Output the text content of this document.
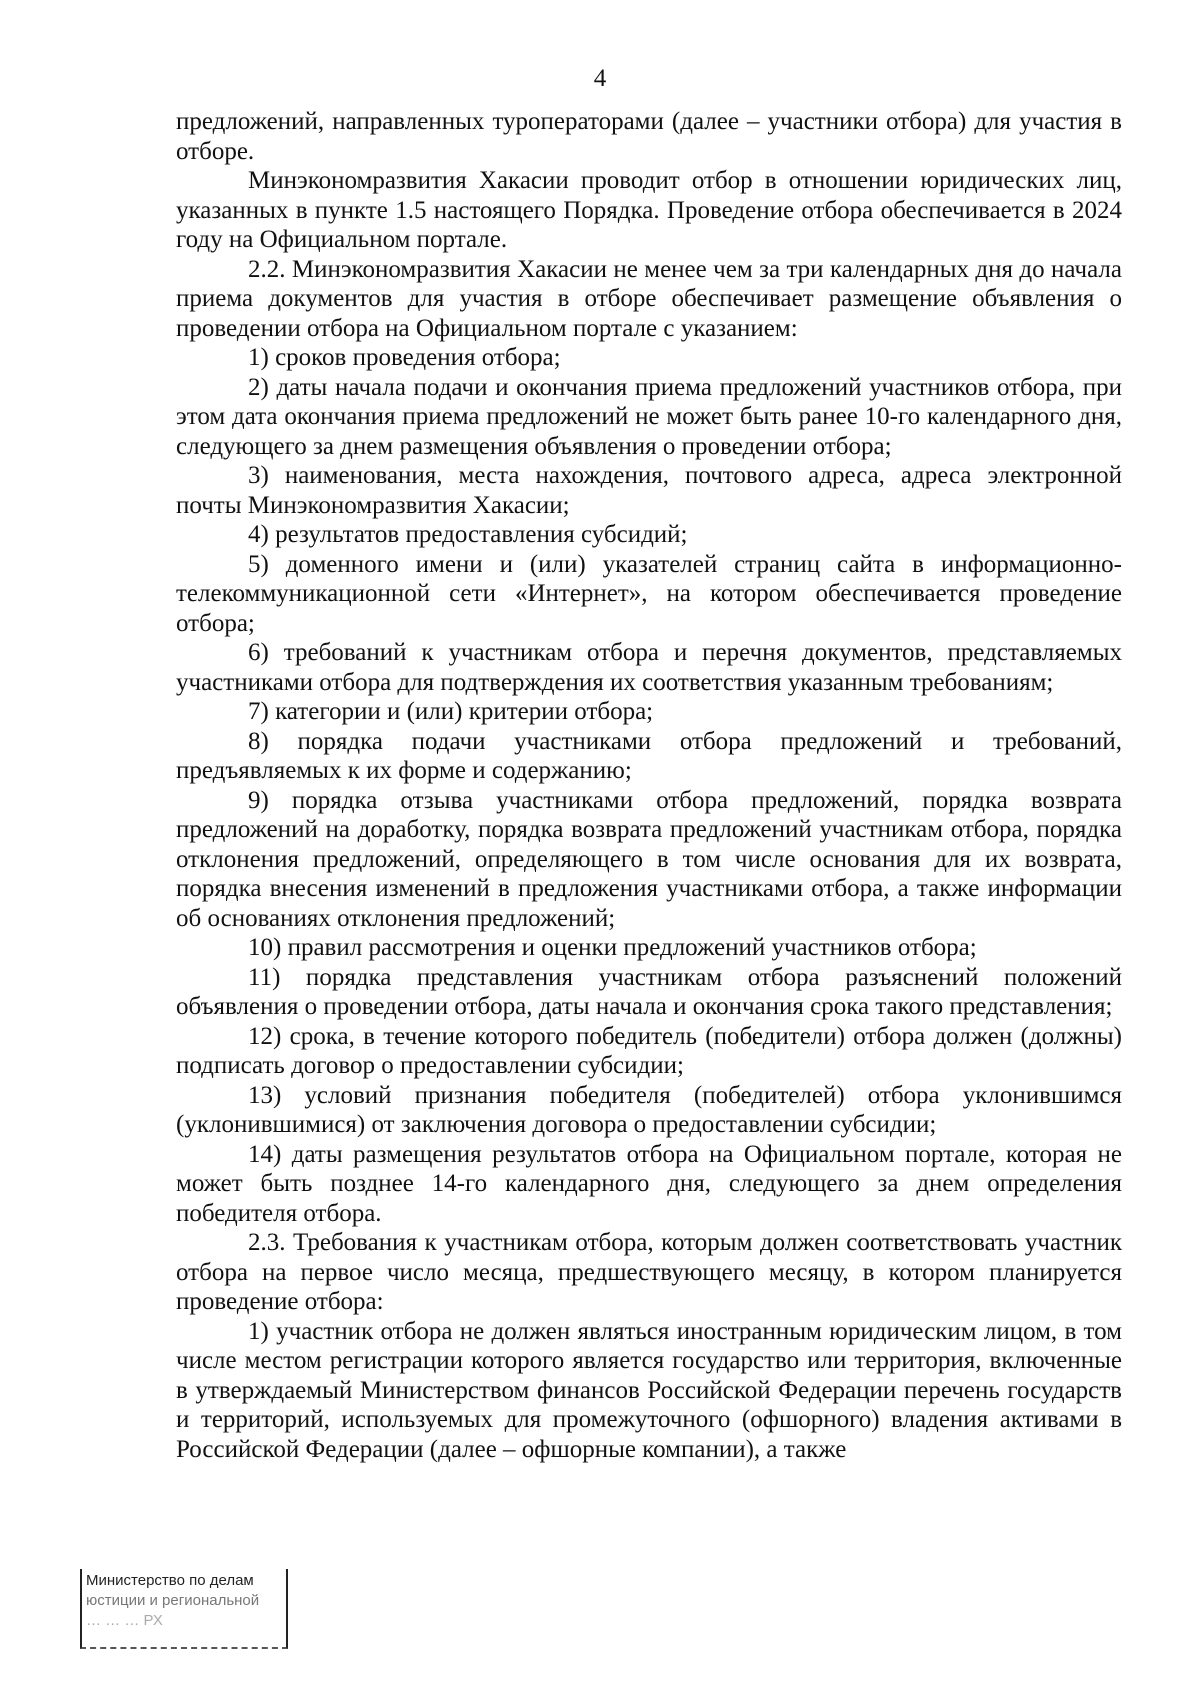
4

предложений, направленных туроператорами (далее – участники отбора) для участия в отборе.

Минэкономразвития Хакасии проводит отбор в отношении юридических лиц, указанных в пункте 1.5 настоящего Порядка. Проведение отбора обеспечивается в 2024 году на Официальном портале.

2.2. Минэкономразвития Хакасии не менее чем за три календарных дня до начала приема документов для участия в отборе обеспечивает размещение объявления о проведении отбора на Официальном портале с указанием:

1) сроков проведения отбора;

2) даты начала подачи и окончания приема предложений участников отбора, при этом дата окончания приема предложений не может быть ранее 10-го календарного дня, следующего за днем размещения объявления о проведении отбора;

3) наименования, места нахождения, почтового адреса, адреса электронной почты Минэкономразвития Хакасии;

4) результатов предоставления субсидий;

5) доменного имени и (или) указателей страниц сайта в информационно-телекоммуникационной сети «Интернет», на котором обеспечивается проведение отбора;

6) требований к участникам отбора и перечня документов, представляемых участниками отбора для подтверждения их соответствия указанным требованиям;

7) категории и (или) критерии отбора;

8) порядка подачи участниками отбора предложений и требований, предъявляемых к их форме и содержанию;

9) порядка отзыва участниками отбора предложений, порядка возврата предложений на доработку, порядка возврата предложений участникам отбора, порядка отклонения предложений, определяющего в том числе основания для их возврата, порядка внесения изменений в предложения участниками отбора, а также информации об основаниях отклонения предложений;

10) правил рассмотрения и оценки предложений участников отбора;

11) порядка представления участникам отбора разъяснений положений объявления о проведении отбора, даты начала и окончания срока такого представления;

12) срока, в течение которого победитель (победители) отбора должен (должны) подписать договор о предоставлении субсидии;

13) условий признания победителя (победителей) отбора уклонившимся (уклонившимися) от заключения договора о предоставлении субсидии;

14) даты размещения результатов отбора на Официальном портале, которая не может быть позднее 14-го календарного дня, следующего за днем определения победителя отбора.

2.3. Требования к участникам отбора, которым должен соответствовать участник отбора на первое число месяца, предшествующего месяцу, в котором планируется проведение отбора:

1) участник отбора не должен являться иностранным юридическим лицом, в том числе местом регистрации которого является государство или территория, включенные в утверждаемый Министерством финансов Российской Федерации перечень государств и территорий, используемых для промежуточного (офшорного) владения активами в Российской Федерации (далее – офшорные компании), а также

Министерство по делам
юстиции и региональной
… … … РХ
